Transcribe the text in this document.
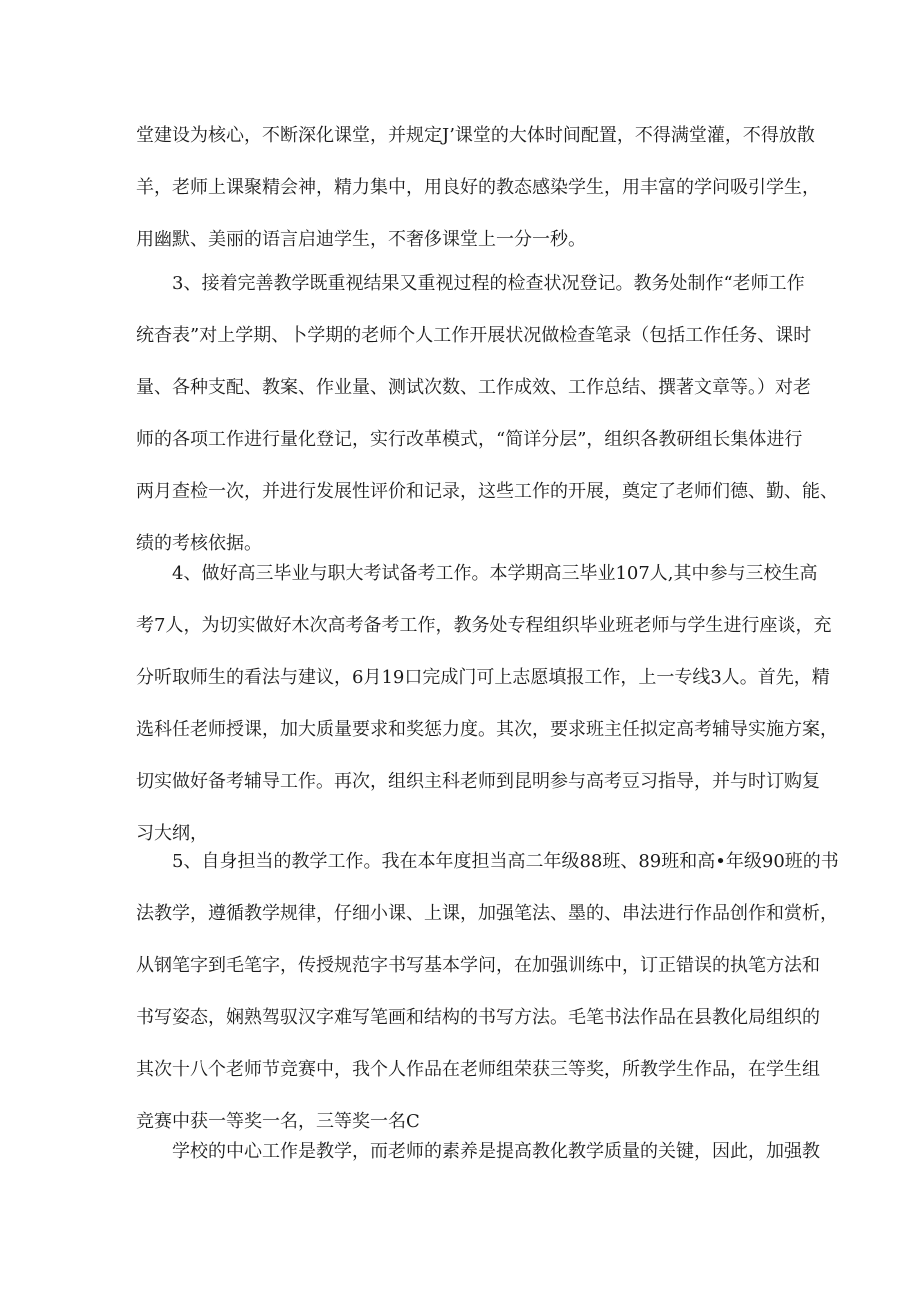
堂建设为核心，不断深化课堂，并规定J’课堂的大体时间配置，不得满堂灌，不得放散
羊，老师上课聚精会神，精力集中，用良好的教态感染学生，用丰富的学问吸引学生，
用幽默、美丽的语言启迪学生，不奢侈课堂上一分一秒。

3、接着完善教学既重视结果又重视过程的检查状况登记。教务处制作“老师工作
统杳表”对上学期、卜学期的老师个人工作开展状况做检查笔录（包括工作任务、课时
量、各种支配、教案、作业量、测试次数、工作成效、工作总结、撰著文章等。）对老
师的各项工作进行量化登记，实行改革模式，“简详分层”，组织各教研组长集体进行
两月查检一次，并进行发展性评价和记录，这些工作的开展，奠定了老师们德、勤、能、
绩的考核依据。

4、做好高三毕业与职大考试备考工作。本学期高三毕业107人,其中参与三校生高
考7人，为切实做好木次高考备考工作，教务处专程组织毕业班老师与学生进行座谈，充
分听取师生的看法与建议，6月19口完成门可上志愿填报工作，上一专线3人。首先，精
选科任老师授课，加大质量要求和奖惩力度。其次，要求班主任拟定高考辅导实施方案，
切实做好备考辅导工作。再次，组织主科老师到昆明参与高考豆习指导，并与时订购复
习大纲，

5、自身担当的教学工作。我在本年度担当高二年级88班、89班和高•年级90班的书
法教学，遵循教学规律，仔细小课、上课，加强笔法、墨的、串法进行作品创作和赏析，
从钢笔字到毛笔字，传授规范字书写基本学问，在加强训练中，订正错误的执笔方法和
书写姿态，娴熟驾驭汉字难写笔画和结构的书写方法。毛笔书法作品在县教化局组织的
其次十八个老师节竞赛中，我个人作品在老师组荣获三等奖，所教学生作品，在学生组
竞赛中获一等奖一名，三等奖一名C

学校的中心工作是教学，而老师的素养是提高教化教学质量的关键，因此，加强教
